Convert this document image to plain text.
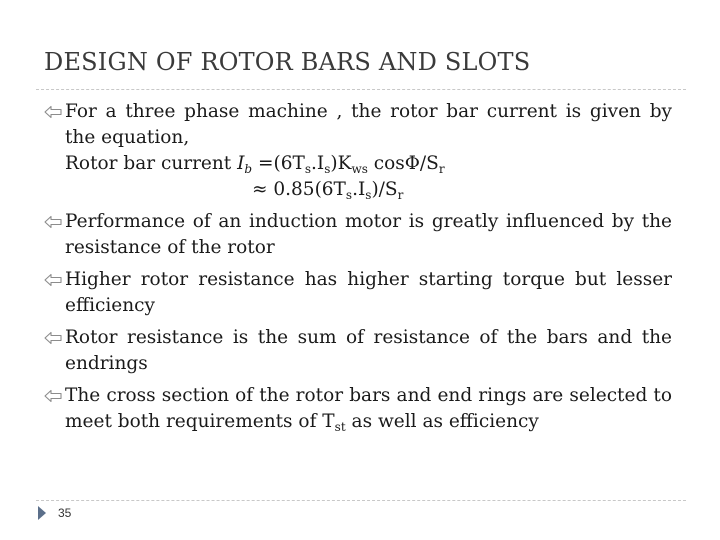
DESIGN OF ROTOR BARS AND SLOTS
For a three phase machine , the rotor bar current is given by the equation,
Rotor bar current $I_b =(6T_s.I_s)K_{ws}$ cosΦ/$S_r$
≈ $0.85(6T_s.I_s)/S_r$
Performance of an induction motor is greatly influenced by the resistance of the rotor
Higher rotor resistance has higher starting torque but lesser efficiency
Rotor resistance is the sum of resistance of the bars and the endrings
The cross section of the rotor bars and end rings are selected to meet both requirements of $T_{st}$ as well as efficiency
35
